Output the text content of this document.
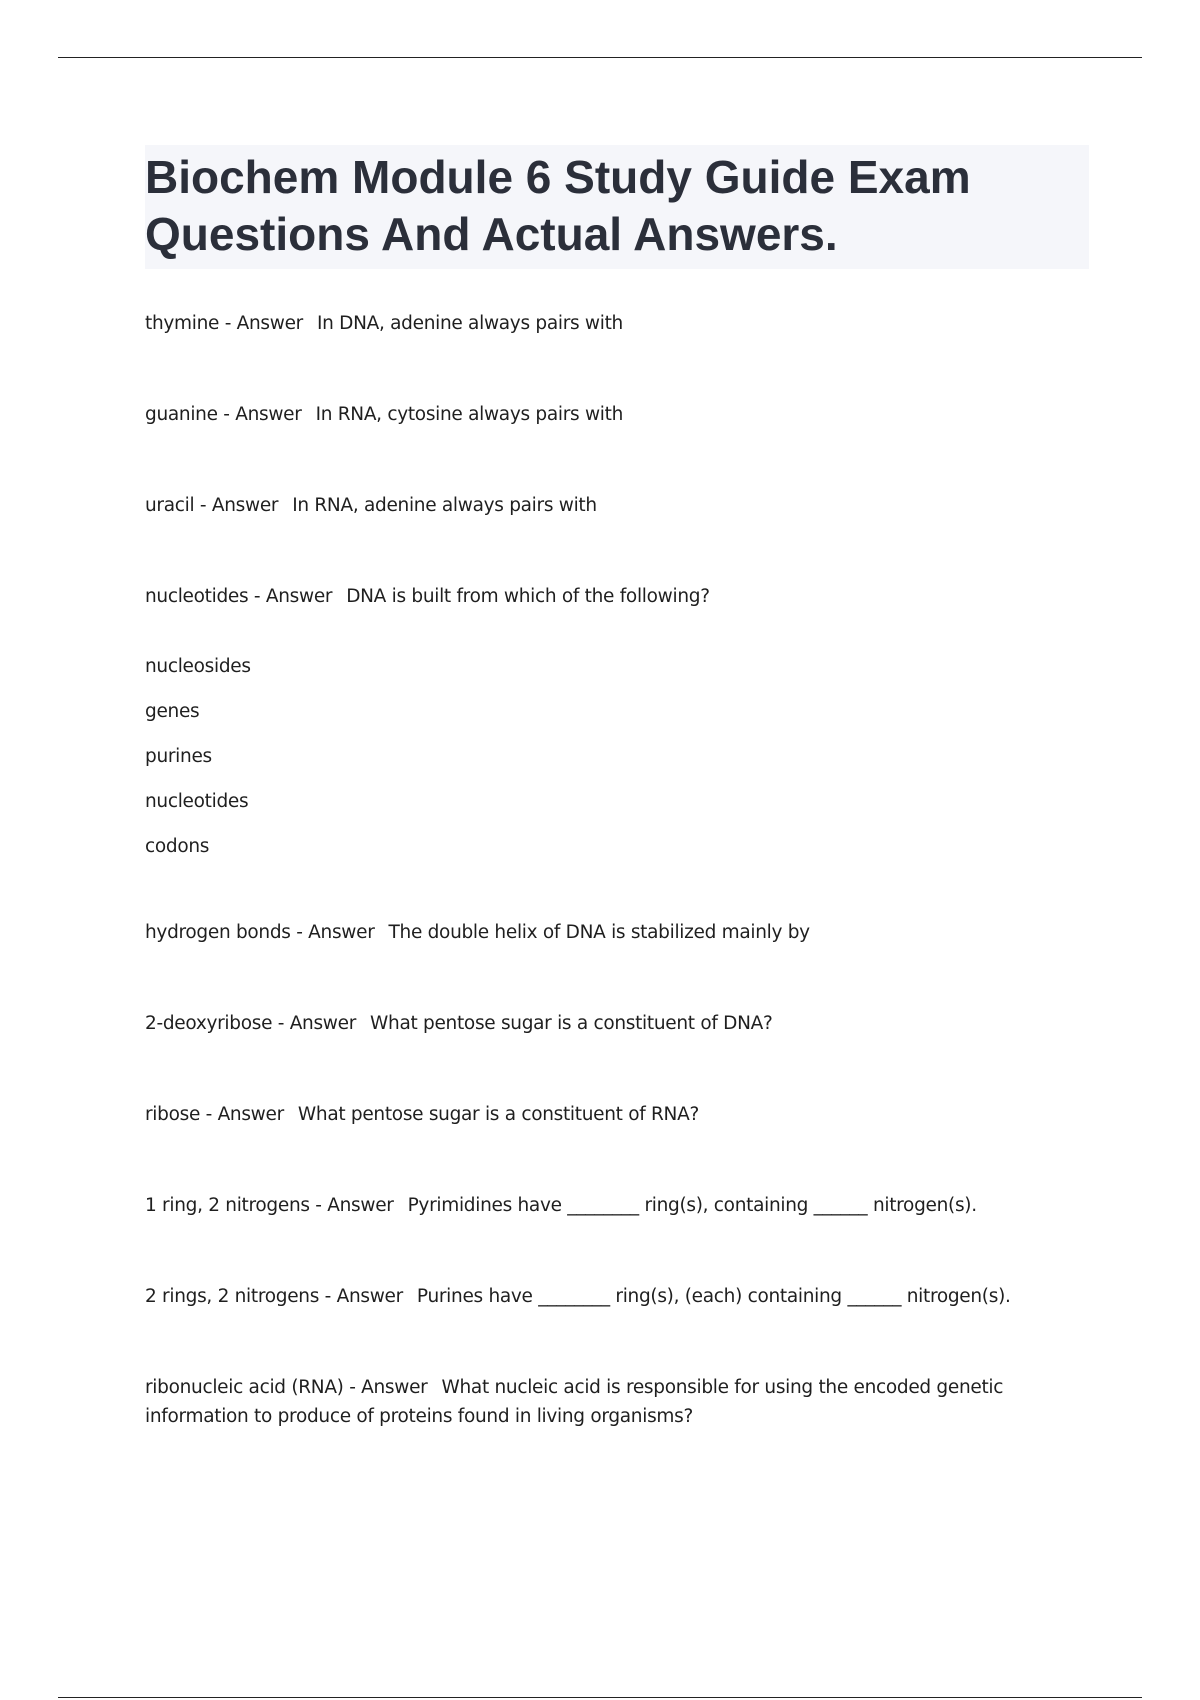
Biochem Module 6 Study Guide Exam
Questions And Actual Answers.

thymine - Answer In DNA, adenine always pairs with

guanine - Answer In RNA, cytosine always pairs with

uracil - Answer In RNA, adenine always pairs with

nucleotides - Answer DNA is built from which of the following?

nucleosides
genes
purines
nucleotides
codons

hydrogen bonds - Answer The double helix of DNA is stabilized mainly by

2-deoxyribose - Answer What pentose sugar is a constituent of DNA?

ribose - Answer What pentose sugar is a constituent of RNA?

1 ring, 2 nitrogens - Answer Pyrimidines have ________ ring(s), containing ______ nitrogen(s).

2 rings, 2 nitrogens - Answer Purines have ________ ring(s), (each) containing ______ nitrogen(s).

ribonucleic acid (RNA) - Answer What nucleic acid is responsible for using the encoded genetic information to produce of proteins found in living organisms?
